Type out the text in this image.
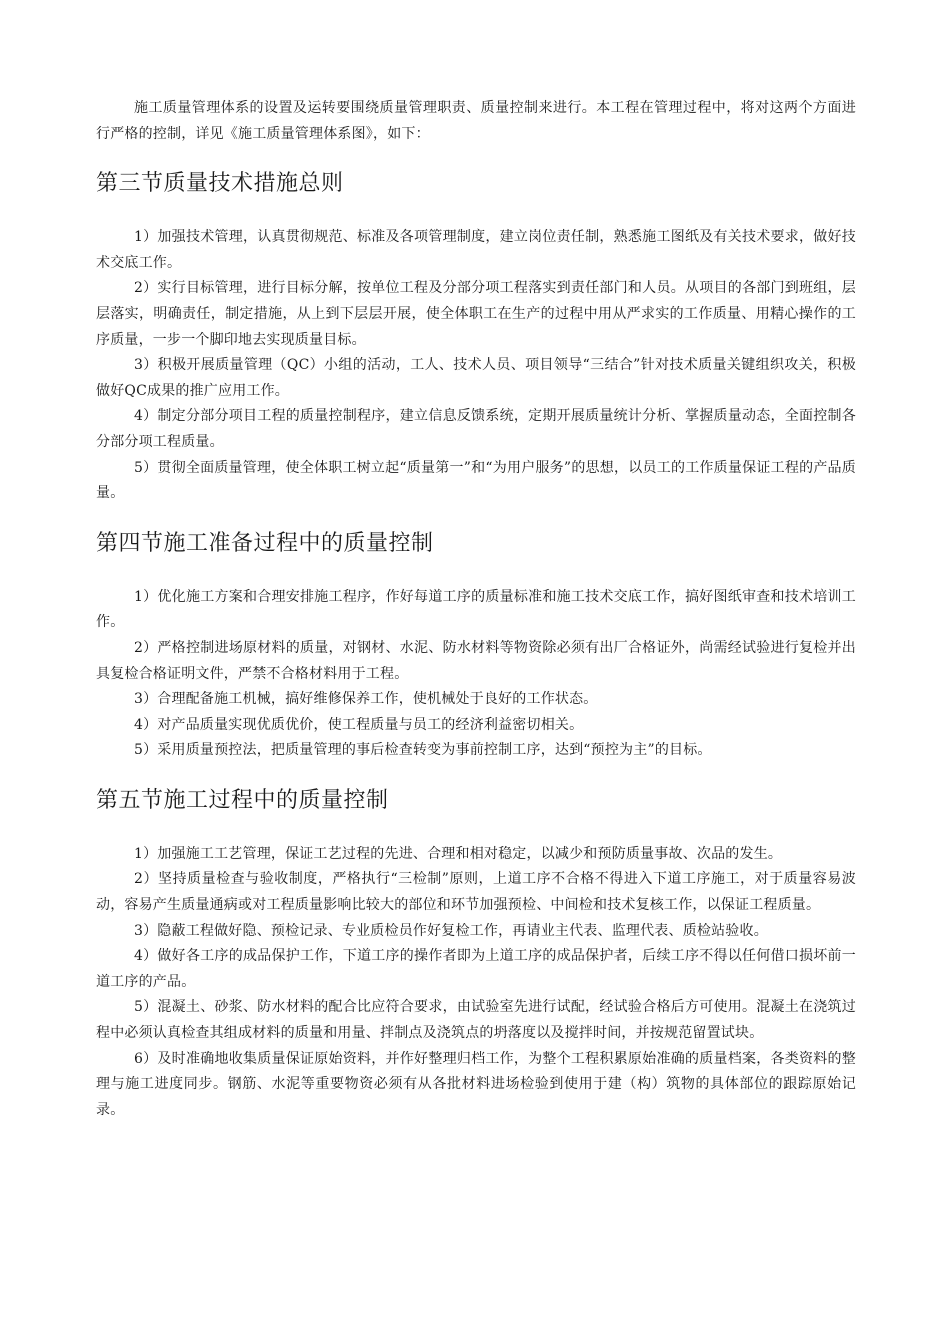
施工质量管理体系的设置及运转要围绕质量管理职责、质量控制来进行。本工程在管理过程中，将对这两个方面进行严格的控制，详见《施工质量管理体系图》，如下：

第三节质量技术措施总则

1）加强技术管理，认真贯彻规范、标准及各项管理制度，建立岗位责任制，熟悉施工图纸及有关技术要求，做好技术交底工作。

2）实行目标管理，进行目标分解，按单位工程及分部分项工程落实到责任部门和人员。从项目的各部门到班组，层层落实，明确责任，制定措施，从上到下层层开展，使全体职工在生产的过程中用从严求实的工作质量、用精心操作的工序质量，一步一个脚印地去实现质量目标。

3）积极开展质量管理（QC）小组的活动，工人、技术人员、项目领导“三结合”针对技术质量关键组织攻关，积极做好QC成果的推广应用工作。

4）制定分部分项目工程的质量控制程序，建立信息反馈系统，定期开展质量统计分析、掌握质量动态，全面控制各分部分项工程质量。

5）贯彻全面质量管理，使全体职工树立起“质量第一”和“为用户服务”的思想，以员工的工作质量保证工程的产品质量。

第四节施工准备过程中的质量控制

1）优化施工方案和合理安排施工程序，作好每道工序的质量标准和施工技术交底工作，搞好图纸审查和技术培训工作。

2）严格控制进场原材料的质量，对钢材、水泥、防水材料等物资除必须有出厂合格证外，尚需经试验进行复检并出具复检合格证明文件，严禁不合格材料用于工程。

3）合理配备施工机械，搞好维修保养工作，使机械处于良好的工作状态。

4）对产品质量实现优质优价，使工程质量与员工的经济利益密切相关。

5）采用质量预控法，把质量管理的事后检查转变为事前控制工序，达到“预控为主”的目标。

第五节施工过程中的质量控制

1）加强施工工艺管理，保证工艺过程的先进、合理和相对稳定，以减少和预防质量事故、次品的发生。

2）坚持质量检查与验收制度，严格执行“三检制”原则，上道工序不合格不得进入下道工序施工，对于质量容易波动，容易产生质量通病或对工程质量影响比较大的部位和环节加强预检、中间检和技术复核工作，以保证工程质量。

3）隐蔽工程做好隐、预检记录、专业质检员作好复检工作，再请业主代表、监理代表、质检站验收。

4）做好各工序的成品保护工作，下道工序的操作者即为上道工序的成品保护者，后续工序不得以任何借口损坏前一道工序的产品。

5）混凝土、砂浆、防水材料的配合比应符合要求，由试验室先进行试配，经试验合格后方可使用。混凝土在浇筑过程中必须认真检查其组成材料的质量和用量、拌制点及浇筑点的坍落度以及搅拌时间，并按规范留置试块。

6）及时准确地收集质量保证原始资料，并作好整理归档工作，为整个工程积累原始准确的质量档案，各类资料的整理与施工进度同步。钢筋、水泥等重要物资必须有从各批材料进场检验到使用于建（构）筑物的具体部位的跟踪原始记录。
